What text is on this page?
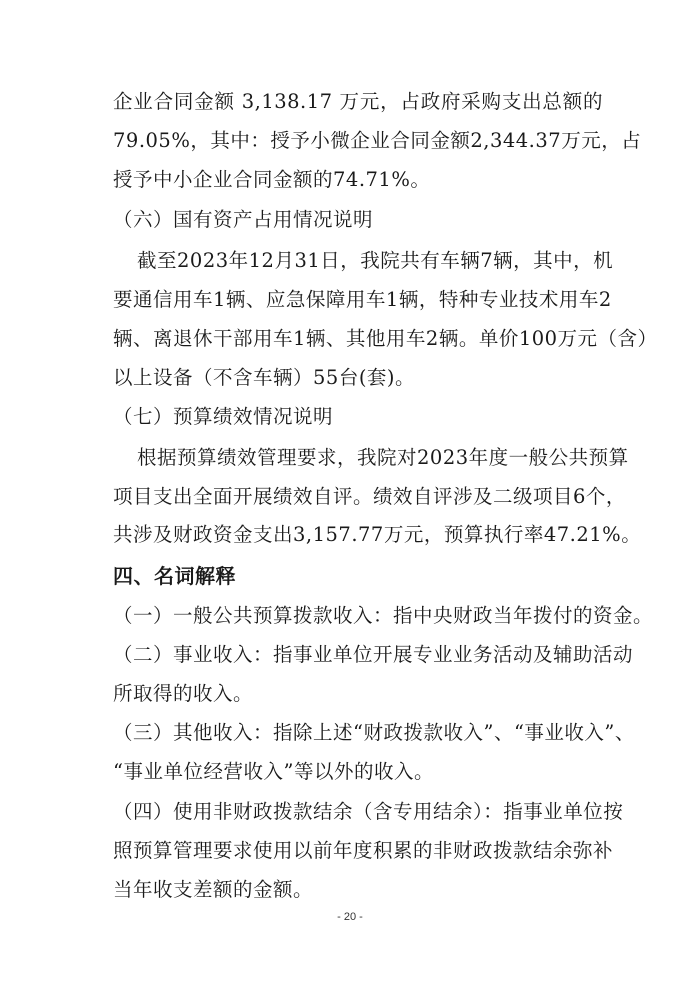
企业合同金额 3,138.17 万元，占政府采购支出总额的
79.05%，其中：授予小微企业合同金额2,344.37万元，占
授予中小企业合同金额的74.71%。
（六）国有资产占用情况说明
截至2023年12月31日，我院共有车辆7辆，其中，机
要通信用车1辆、应急保障用车1辆，特种专业技术用车2
辆、离退休干部用车1辆、其他用车2辆。单价100万元（含）
以上设备（不含车辆）55台(套)。
（七）预算绩效情况说明
根据预算绩效管理要求，我院对2023年度一般公共预算
项目支出全面开展绩效自评。绩效自评涉及二级项目6个，
共涉及财政资金支出3,157.77万元，预算执行率47.21%。
四、名词解释
（一）一般公共预算拨款收入：指中央财政当年拨付的资金。
（二）事业收入：指事业单位开展专业业务活动及辅助活动
所取得的收入。
（三）其他收入：指除上述“财政拨款收入”、“事业收入”、
“事业单位经营收入”等以外的收入。
（四）使用非财政拨款结余（含专用结余）：指事业单位按
照预算管理要求使用以前年度积累的非财政拨款结余弥补
当年收支差额的金额。
- 20 -
